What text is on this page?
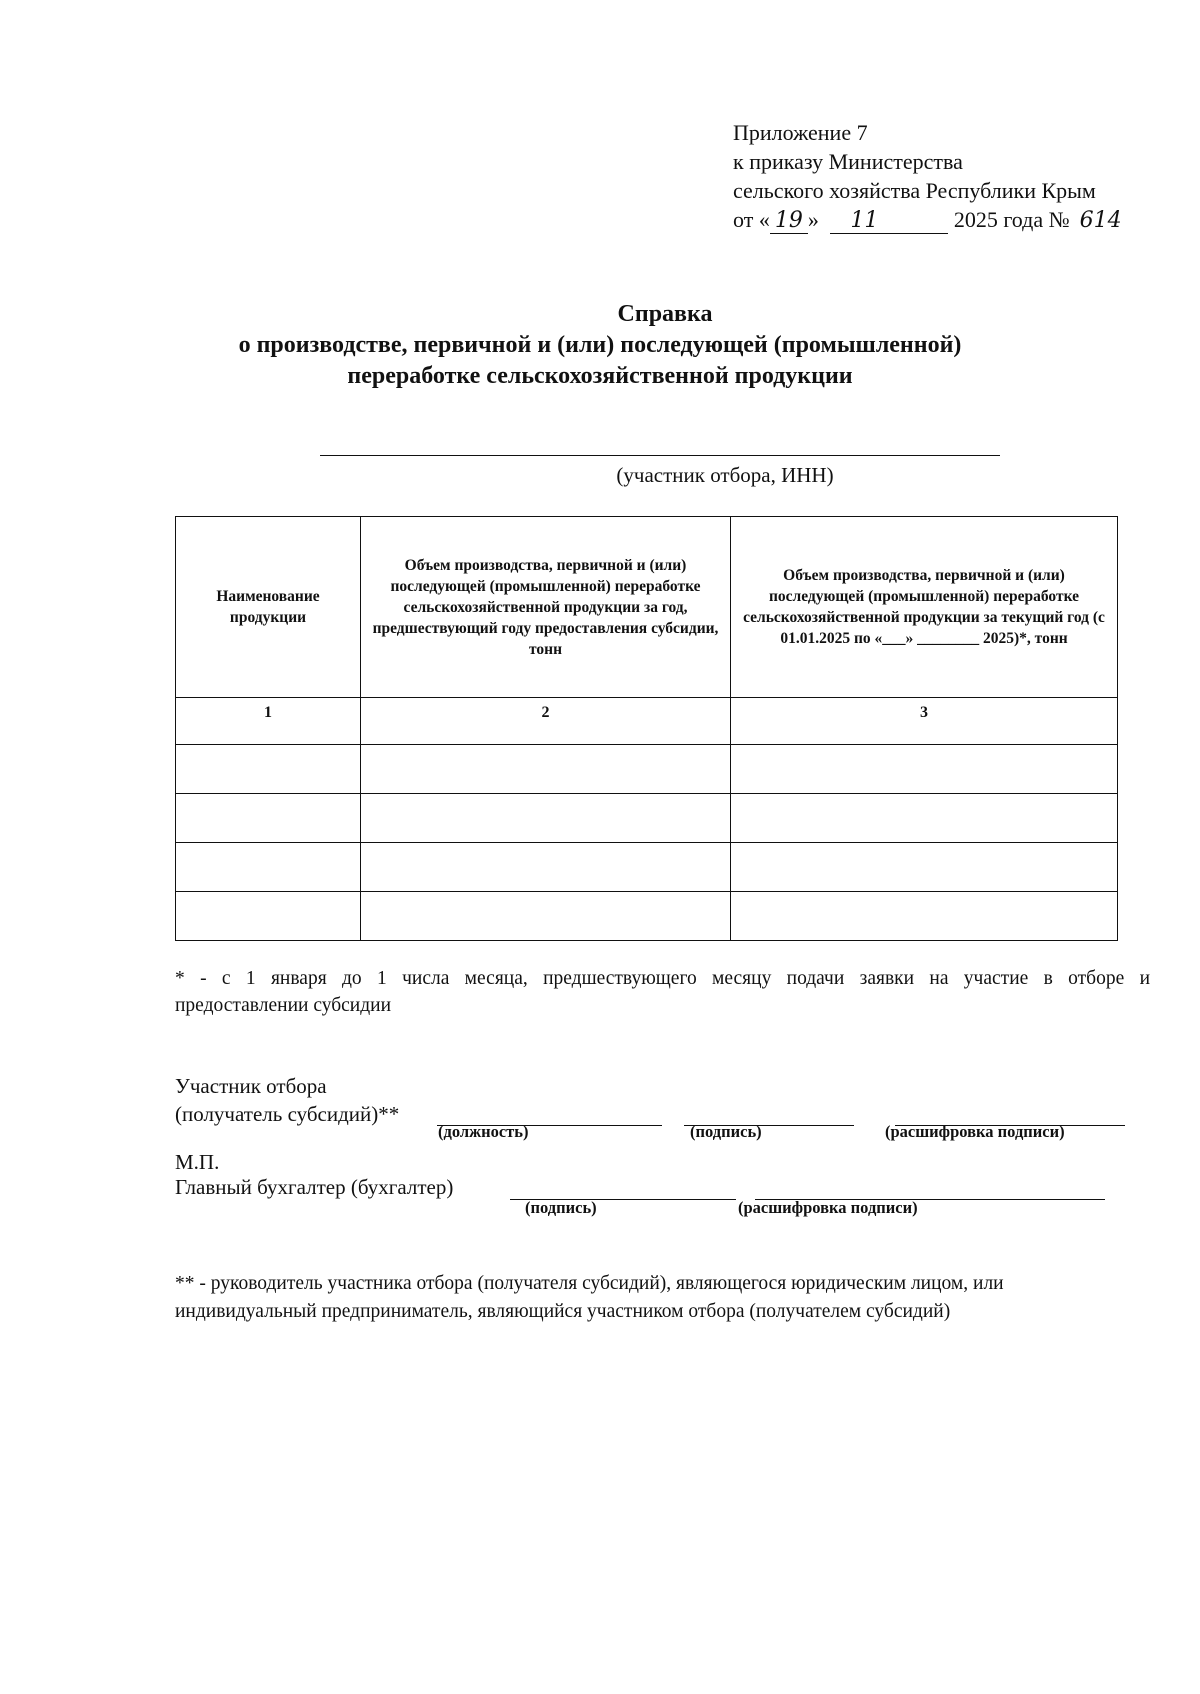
Приложение 7
к приказу Министерства
сельского хозяйства Республики Крым
от « 19 » 11	2025 года № 614
Справка
о производстве, первичной и (или) последующей (промышленной)
переработке сельскохозяйственной продукции
(участник отбора, ИНН)
Наименование продукции	Объем производства, первичной и (или) последующей (промышленной) переработке сельскохозяйственной продукции за год, предшествующий году предоставления субсидии, тонн	Объем производства, первичной и (или) последующей (промышленной) переработке сельскохозяйственной продукции за текущий год (с 01.01.2025 по «___» ________ 2025)*, тонн
1	2	3

* - с 1 января до 1 числа месяца, предшествующего месяцу подачи заявки на участие в отборе и
предоставлении субсидии
Участник отбора
(получатель субсидий)**
(должность)	(подпись)	(расшифровка подписи)
М.П.
Главный бухгалтер (бухгалтер)
(подпись)	(расшифровка подписи)
** - руководитель участника отбора (получателя субсидий), являющегося юридическим лицом, или
индивидуальный предприниматель, являющийся участником отбора (получателем субсидий)
